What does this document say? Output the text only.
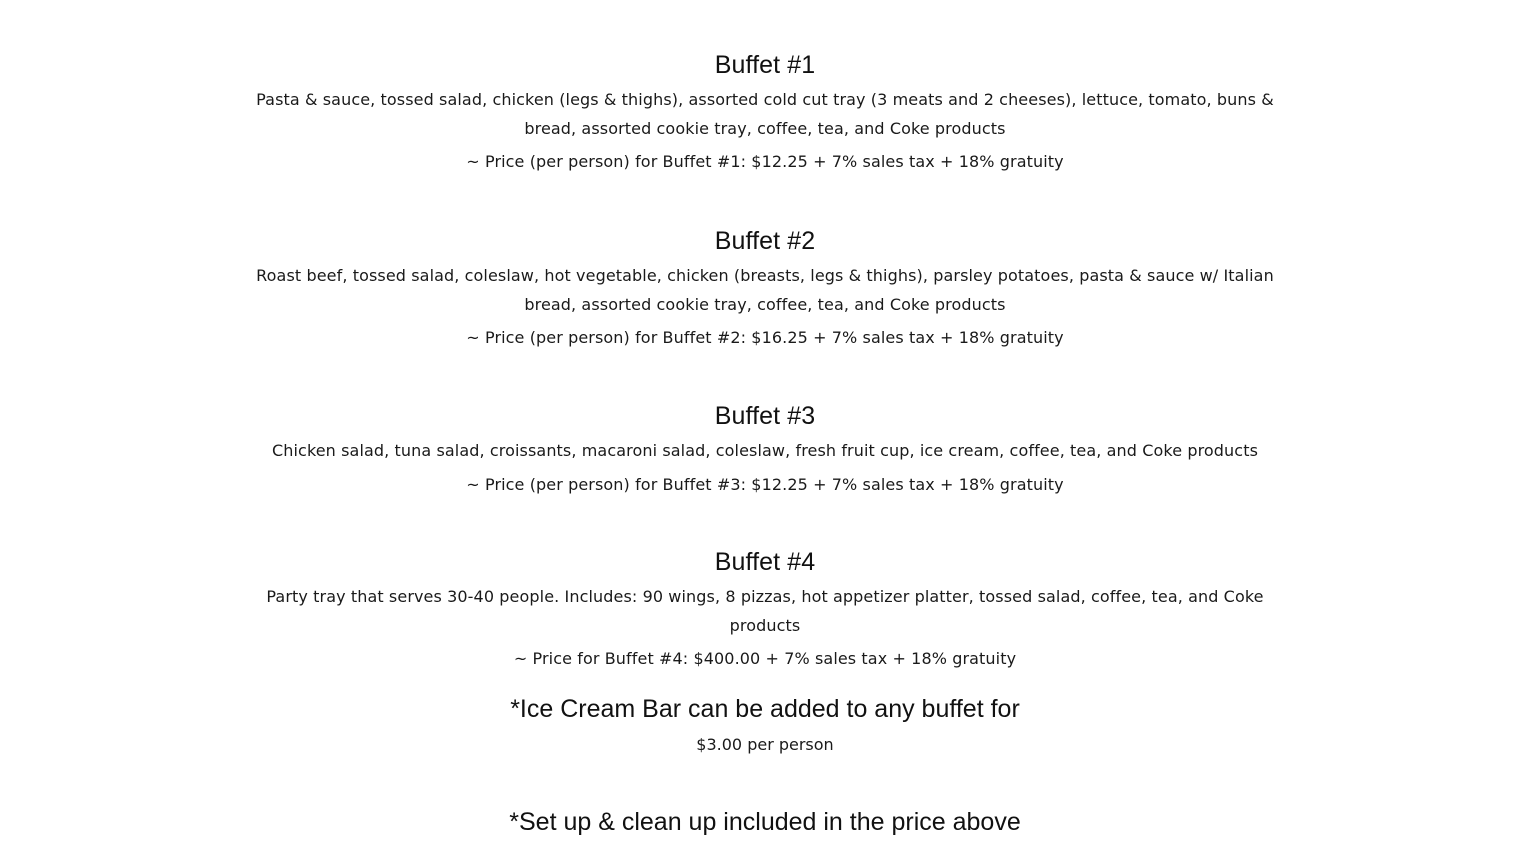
Buffet #1

Pasta & sauce, tossed salad, chicken (legs & thighs), assorted cold cut tray (3 meats and 2 cheeses), lettuce, tomato, buns & bread, assorted cookie tray, coffee, tea, and Coke products

~ Price (per person) for Buffet #1: $12.25 + 7% sales tax + 18% gratuity

Buffet #2

Roast beef, tossed salad, coleslaw, hot vegetable, chicken (breasts, legs & thighs), parsley potatoes, pasta & sauce w/ Italian bread, assorted cookie tray, coffee, tea, and Coke products

~ Price (per person) for Buffet #2: $16.25 + 7% sales tax + 18% gratuity

Buffet #3

Chicken salad, tuna salad, croissants, macaroni salad, coleslaw, fresh fruit cup, ice cream, coffee, tea, and Coke products

~ Price (per person) for Buffet #3: $12.25 + 7% sales tax + 18% gratuity

Buffet #4

Party tray that serves 30-40 people. Includes: 90 wings, 8 pizzas, hot appetizer platter, tossed salad, coffee, tea, and Coke products

~ Price for Buffet #4: $400.00 + 7% sales tax + 18% gratuity

*Ice Cream Bar can be added to any buffet for

$3.00 per person

*Set up & clean up included in the price above
